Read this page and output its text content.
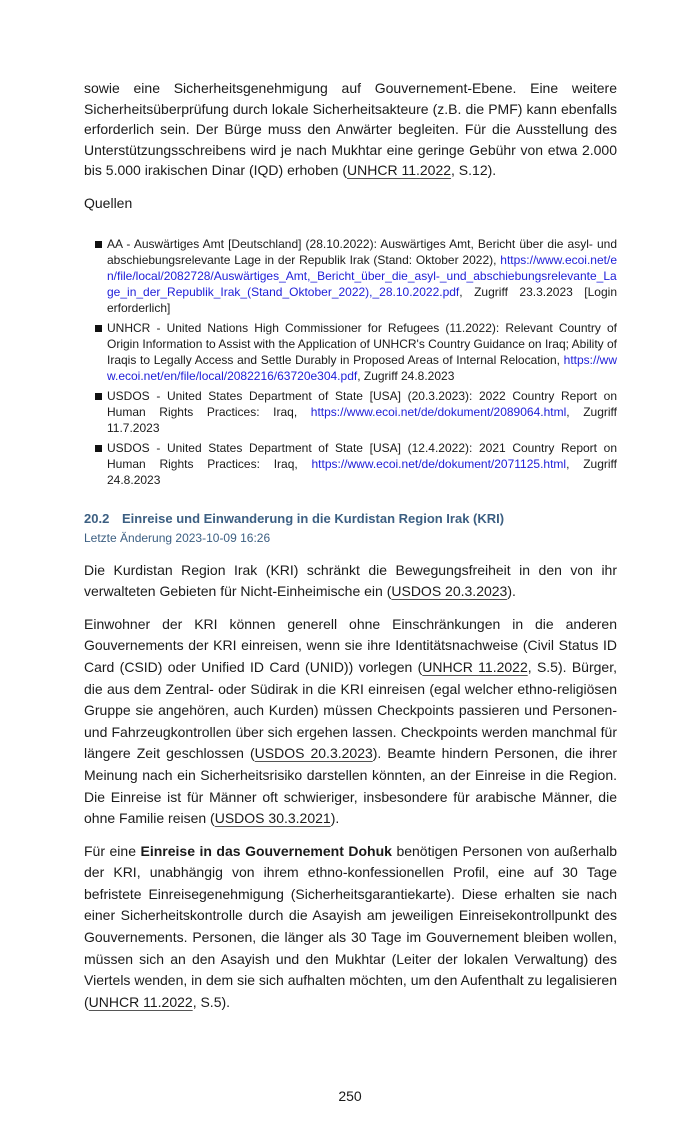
sowie eine Sicherheitsgenehmigung auf Gouvernement-Ebene. Eine weitere Sicherheitsüberprüfung durch lokale Sicherheitsakteure (z.B. die PMF) kann ebenfalls erforderlich sein. Der Bürge muss den Anwärter begleiten. Für die Ausstellung des Unterstützungsschreibens wird je nach Mukhtar eine geringe Gebühr von etwa 2.000 bis 5.000 irakischen Dinar (IQD) erhoben (UNHCR 11.2022, S.12).

Quellen

AA - Auswärtiges Amt [Deutschland] (28.10.2022): Auswärtiges Amt, Bericht über die asyl- und abschiebungsrelevante Lage in der Republik Irak (Stand: Oktober 2022), https://www.ecoi.net/en/file/local/2082728/Auswärtiges_Amt,_Bericht_über_die_asyl-_und_abschiebungsrelevante_Lage_in_der_Republik_Irak_(Stand_Oktober_2022),_28.10.2022.pdf, Zugriff 23.3.2023 [Login erforderlich]
UNHCR - United Nations High Commissioner for Refugees (11.2022): Relevant Country of Origin Information to Assist with the Application of UNHCR's Country Guidance on Iraq; Ability of Iraqis to Legally Access and Settle Durably in Proposed Areas of Internal Relocation, https://www.ecoi.net/en/file/local/2082216/63720e304.pdf, Zugriff 24.8.2023
USDOS - United States Department of State [USA] (20.3.2023): 2022 Country Report on Human Rights Practices: Iraq, https://www.ecoi.net/de/dokument/2089064.html, Zugriff 11.7.2023
USDOS - United States Department of State [USA] (12.4.2022): 2021 Country Report on Human Rights Practices: Iraq, https://www.ecoi.net/de/dokument/2071125.html, Zugriff 24.8.2023
20.2 Einreise und Einwanderung in die Kurdistan Region Irak (KRI)
Letzte Änderung 2023-10-09 16:26

Die Kurdistan Region Irak (KRI) schränkt die Bewegungsfreiheit in den von ihr verwalteten Gebieten für Nicht-Einheimische ein (USDOS 20.3.2023).

Einwohner der KRI können generell ohne Einschränkungen in die anderen Gouvernements der KRI einreisen, wenn sie ihre Identitätsnachweise (Civil Status ID Card (CSID) oder Unified ID Card (UNID)) vorlegen (UNHCR 11.2022, S.5). Bürger, die aus dem Zentral- oder Südirak in die KRI einreisen (egal welcher ethno-religiösen Gruppe sie angehören, auch Kurden) müssen Checkpoints passieren und Personen- und Fahrzeugkontrollen über sich ergehen lassen. Checkpoints werden manchmal für längere Zeit geschlossen (USDOS 20.3.2023). Beamte hindern Personen, die ihrer Meinung nach ein Sicherheitsrisiko darstellen könnten, an der Einreise in die Region. Die Einreise ist für Männer oft schwieriger, insbesondere für arabische Männer, die ohne Familie reisen (USDOS 30.3.2021).

Für eine Einreise in das Gouvernement Dohuk benötigen Personen von außerhalb der KRI, unabhängig von ihrem ethno-konfessionellen Profil, eine auf 30 Tage befristete Einreisegenehmigung (Sicherheitsgarantiekarte). Diese erhalten sie nach einer Sicherheitskontrolle durch die Asayish am jeweiligen Einreisekontrollpunkt des Gouvernements. Personen, die länger als 30 Tage im Gouvernement bleiben wollen, müssen sich an den Asayish und den Mukhtar (Leiter der lokalen Verwaltung) des Viertels wenden, in dem sie sich aufhalten möchten, um den Aufenthalt zu legalisieren (UNHCR 11.2022, S.5).

250
